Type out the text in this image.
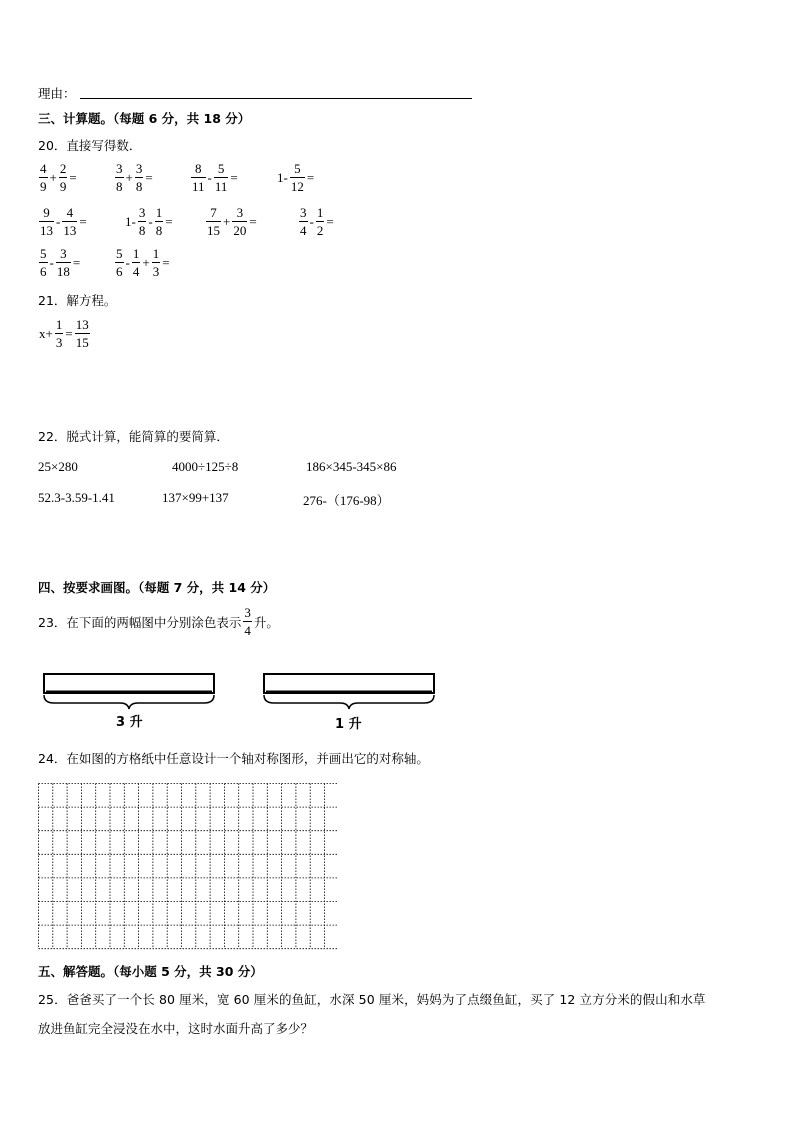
理由：
三、计算题。（每题 6 分，共 18 分）
20．直接写得数．
$\frac{4}{9} + \frac{2}{9}$ =	$\frac{3}{8} + \frac{3}{8}$ =	$\frac{8}{11} - \frac{5}{11}$ =	$1- \frac{5}{12}$ =
$\frac{9}{13} - \frac{4}{13}$ =	$1- \frac{3}{8} - \frac{1}{8}$ =	$\frac{7}{15} + \frac{3}{20}$ =	$\frac{3}{4} - \frac{1}{2}$ =
$\frac{5}{6} - \frac{3}{18}$ =	$\frac{5}{6} - \frac{1}{4} + \frac{1}{3}$ =
21．解方程。
$x+ \frac{1}{3} = \frac{13}{15}$
22．脱式计算，能简算的要简算．
25×280	4000÷125÷8	186×345-345×86
52.3-3.59-1.41	137×99+137	276-（176-98）
四、按要求画图。（每题 7 分，共 14 分）
23．在下面的两幅图中分别涂色表示 $\frac{3}{4}$ 升。
3 升	1 升
24．在如图的方格纸中任意设计一个轴对称图形，并画出它的对称轴。
五、解答题。（每小题 5 分，共 30 分）
25．爸爸买了一个长 80 厘米，宽 60 厘米的鱼缸，水深 50 厘米，妈妈为了点缀鱼缸，买了 12 立方分米的假山和水草
放进鱼缸完全浸没在水中，这时水面升高了多少？
